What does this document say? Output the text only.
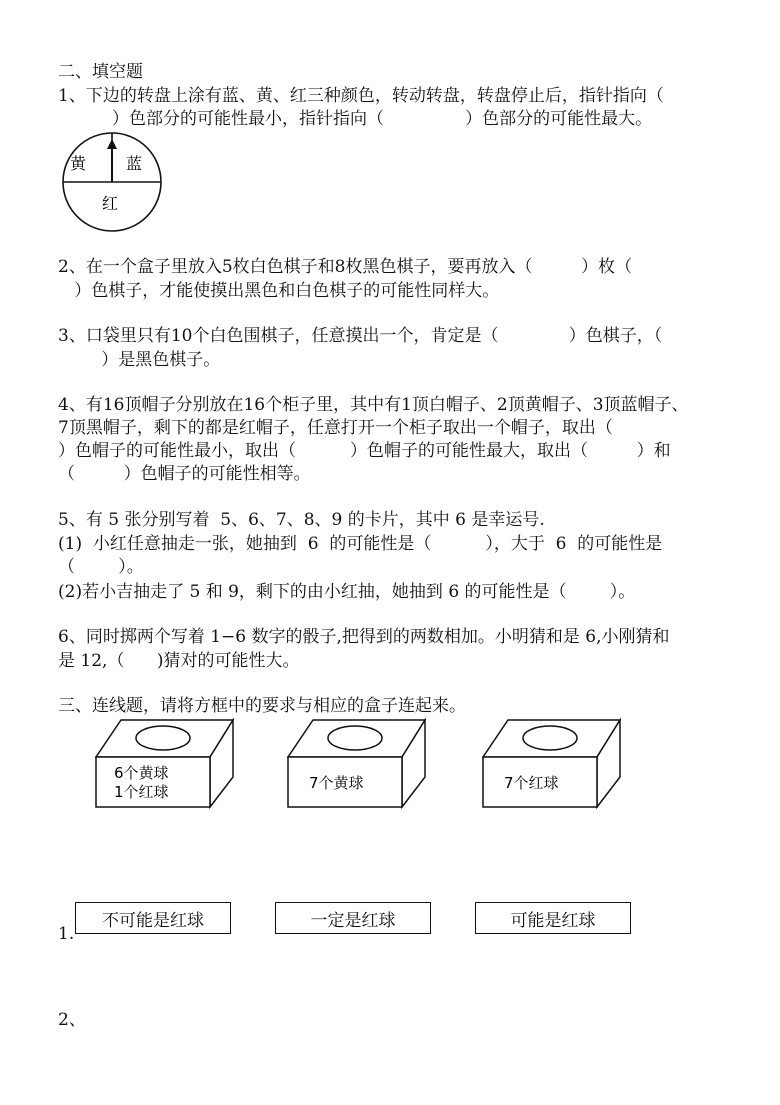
二、填空题
1、下边的转盘上涂有蓝、黄、红三种颜色，转动转盘，转盘停止后，指针指向（
）色部分的可能性最小，指针指向（               ）色部分的可能性最大。
黄 蓝
红
2、在一个盒子里放入5枚白色棋子和8枚黑色棋子，要再放入（         ）枚（
）色棋子，才能使摸出黑色和白色棋子的可能性同样大。
3、口袋里只有10个白色围棋子，任意摸出一个，肯定是（             ）色棋子，（
）是黑色棋子。
4、有16顶帽子分别放在16个柜子里，其中有1顶白帽子、2顶黄帽子、3顶蓝帽子、
7顶黑帽子，剩下的都是红帽子，任意打开一个柜子取出一个帽子，取出（
）色帽子的可能性最小，取出（          ）色帽子的可能性最大，取出（         ）和
（         ）色帽子的可能性相等。
5、有 5 张分别写着  5、6、7、8、9 的卡片，其中 6 是幸运号.
(1)  小红任意抽走一张，她抽到  6  的可能性是（          ），大于  6  的可能性是
（        ）。
(2)若小吉抽走了 5 和 9，剩下的由小红抽，她抽到 6 的可能性是（        ）。
6、同时掷两个写着 1−6 数字的骰子,把得到的两数相加。小明猜和是 6,小刚猜和
是 12,（      )猜对的可能性大。
三、连线题，请将方框中的要求与相应的盒子连起来。
6个黄球
1个红球	7个黄球	7个红球
1.
不可能是红球	一定是红球	可能是红球
2、
